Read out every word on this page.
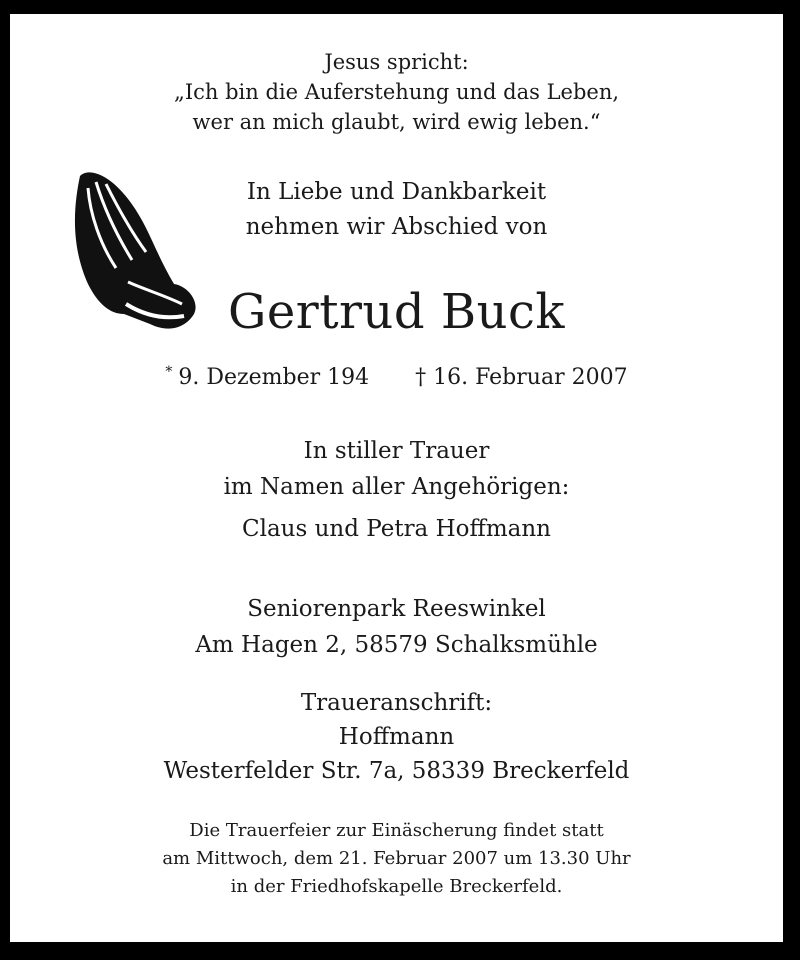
Jesus spricht:
„Ich bin die Auferstehung und das Leben,
wer an mich glaubt, wird ewig leben.“
In Liebe und Dankbarkeit
nehmen wir Abschied von
Gertrud Buck
* 9. Dezember 194 † 16. Februar 2007
In stiller Trauer
im Namen aller Angehörigen:
Claus und Petra Hoffmann
Seniorenpark Reeswinkel
Am Hagen 2, 58579 Schalksmühle
Traueranschrift:
Hoffmann
Westerfelder Str. 7a, 58339 Breckerfeld
Die Trauerfeier zur Einäscherung findet statt
am Mittwoch, dem 21. Februar 2007 um 13.30 Uhr
in der Friedhofskapelle Breckerfeld.
